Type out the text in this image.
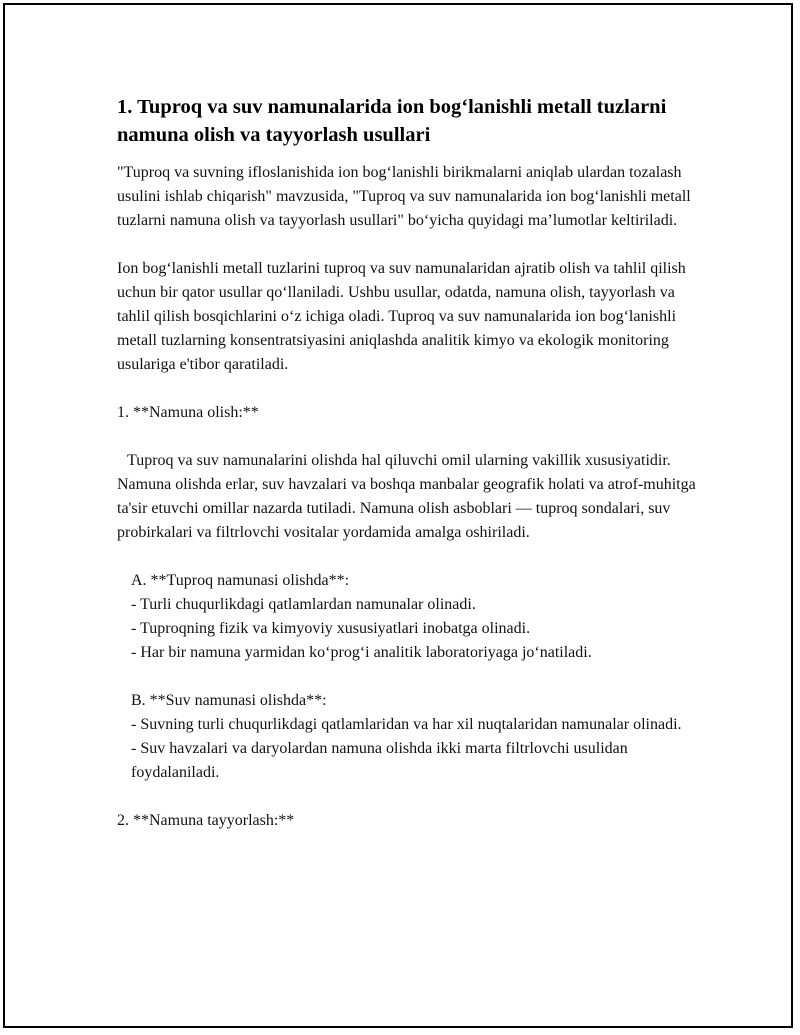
1. Tuproq va suv namunalarida ion bog‘lanishli metall tuzlarni namuna olish va tayyorlash usullari

"Tuproq va suvning ifloslanishida ion bog‘lanishli birikmalarni aniqlab ulardan tozalash usulini ishlab chiqarish" mavzusida, "Tuproq va suv namunalarida ion bog‘lanishli metall tuzlarni namuna olish va tayyorlash usullari" bo‘yicha quyidagi ma’lumotlar keltiriladi.

Ion bog‘lanishli metall tuzlarini tuproq va suv namunalaridan ajratib olish va tahlil qilish uchun bir qator usullar qo‘llaniladi. Ushbu usullar, odatda, namuna olish, tayyorlash va tahlil qilish bosqichlarini o‘z ichiga oladi. Tuproq va suv namunalarida ion bog‘lanishli metall tuzlarning konsentratsiyasini aniqlashda analitik kimyo va ekologik monitoring usulariga e'tibor qaratiladi.

1. **Namuna olish:**

Tuproq va suv namunalarini olishda hal qiluvchi omil ularning vakillik xususiyatidir. Namuna olishda erlar, suv havzalari va boshqa manbalar geografik holati va atrof-muhitga ta'sir etuvchi omillar nazarda tutiladi. Namuna olish asboblari — tuproq sondalari, suv probirkalari va filtrlovchi vositalar yordamida amalga oshiriladi.

A. **Tuproq namunasi olishda**:

- Turli chuqurlikdagi qatlamlardan namunalar olinadi.

- Tuproqning fizik va kimyoviy xususiyatlari inobatga olinadi.

- Har bir namuna yarmidan ko‘prog‘i analitik laboratoriyaga jo‘natiladi.

B. **Suv namunasi olishda**:

- Suvning turli chuqurlikdagi qatlamlaridan va har xil nuqtalaridan namunalar olinadi.

- Suv havzalari va daryolardan namuna olishda ikki marta filtrlovchi usulidan foydalaniladi.

2. **Namuna tayyorlash:**
